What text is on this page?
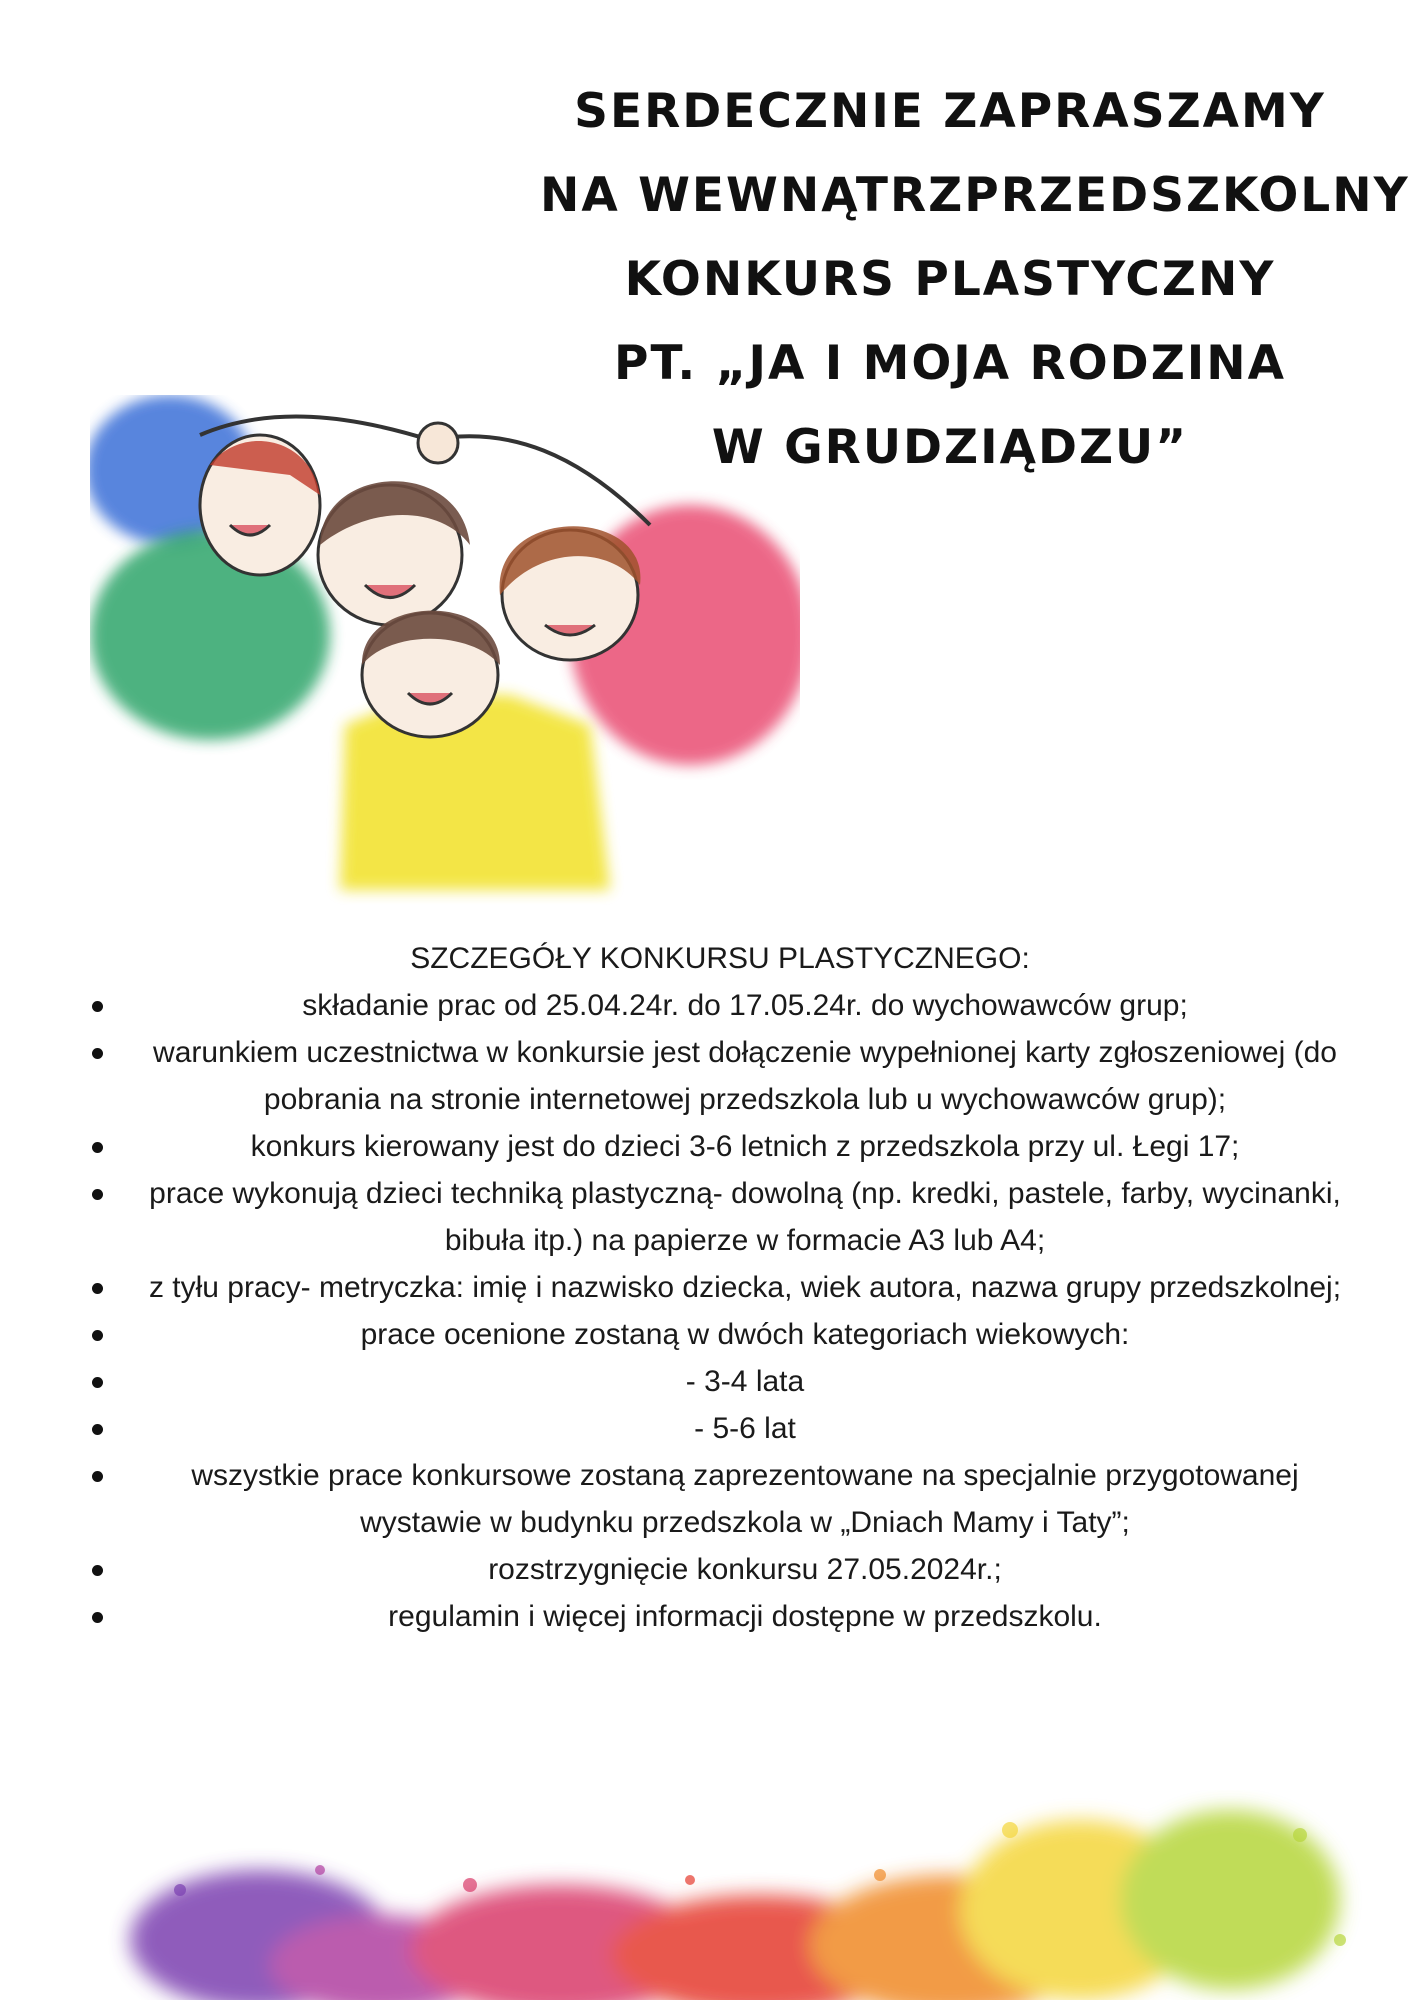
SERDECZNIE ZAPRASZAMY
NA WEWNĄTRZPRZEDSZKOLNY
KONKURS PLASTYCZNY
PT. „JA I MOJA RODZINA
W GRUDZIĄDZU”
SZCZEGÓŁY KONKURSU PLASTYCZNEGO:
składanie prac od 25.04.24r. do 17.05.24r. do wychowawców grup;
warunkiem uczestnictwa w konkursie jest dołączenie wypełnionej karty zgłoszeniowej (do pobrania na stronie internetowej przedszkola lub u wychowawców grup);
konkurs kierowany jest do dzieci 3-6 letnich z przedszkola przy ul. Łegi 17;
prace wykonują dzieci techniką plastyczną- dowolną (np. kredki, pastele, farby, wycinanki, bibuła itp.) na papierze w formacie A3 lub A4;
z tyłu pracy- metryczka: imię i nazwisko dziecka, wiek autora, nazwa grupy przedszkolnej;
prace ocenione zostaną w dwóch kategoriach wiekowych:
- 3-4 lata
- 5-6 lat
wszystkie prace konkursowe zostaną zaprezentowane na specjalnie przygotowanej wystawie w budynku przedszkola w „Dniach Mamy i Taty”;
rozstrzygnięcie konkursu 27.05.2024r.;
regulamin i więcej informacji dostępne w przedszkolu.
